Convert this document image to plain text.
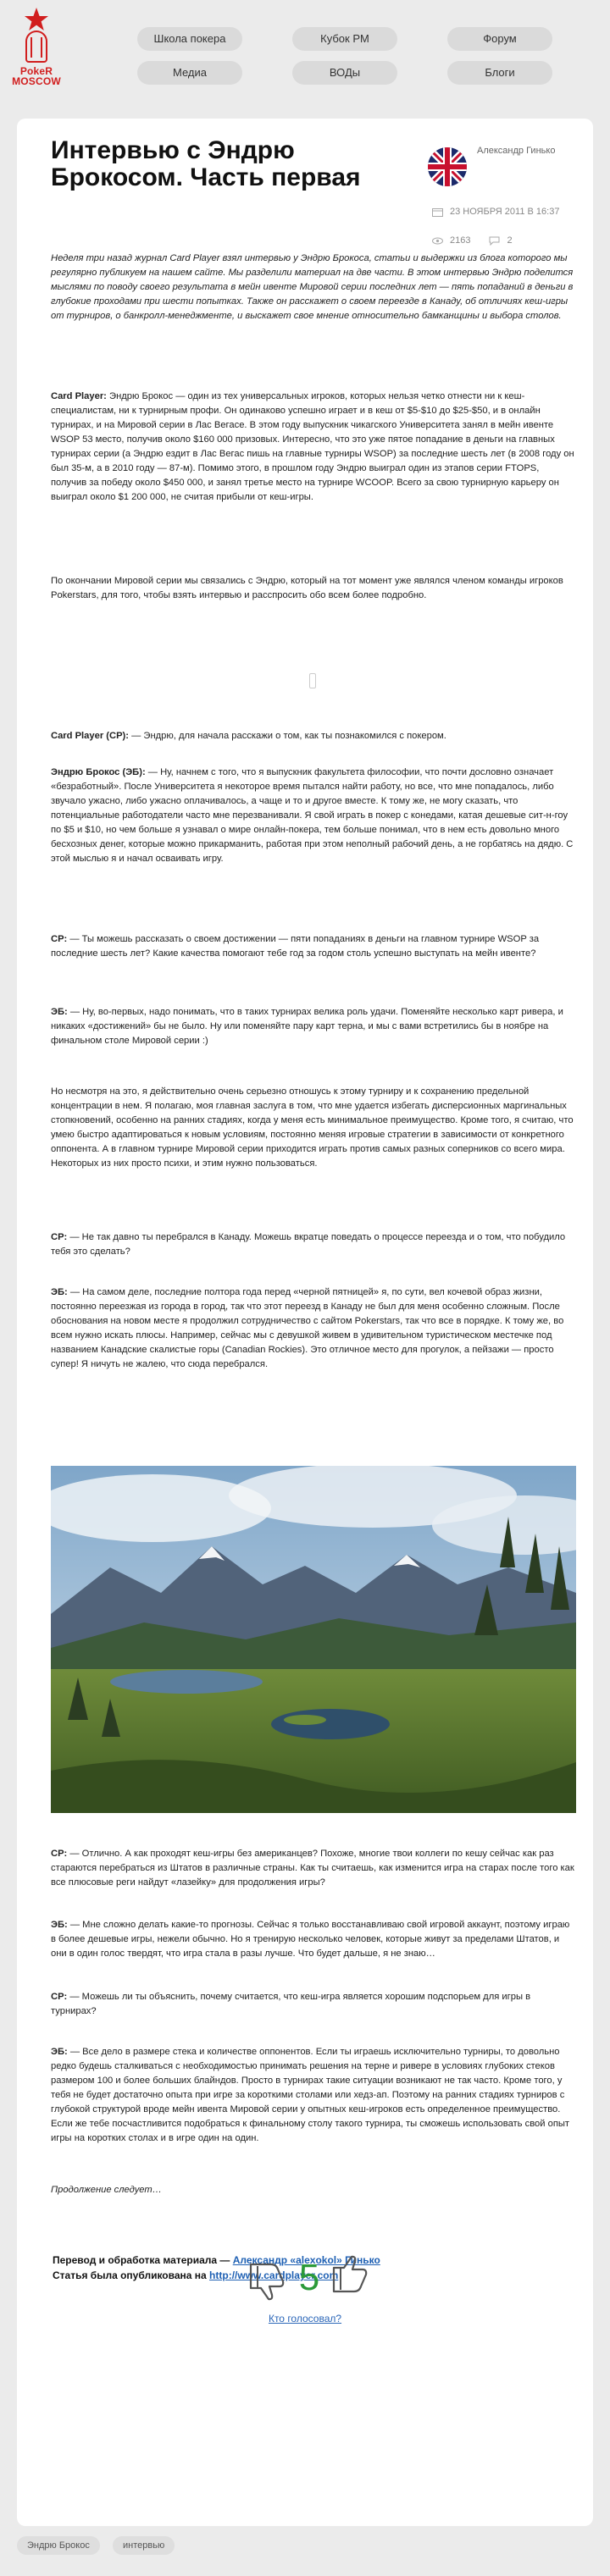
PokeR
MOSCOW
Школа покера	Кубок PM	Форум
Медиа	ВОДы	Блоги
Интервью с Эндрю Брокосом. Часть первая
Александр Гинько
23 НОЯБРЯ 2011 В 16:37
2163	2

Неделя три назад журнал Card Player взял интервью у Эндрю Брокоса, статьи и выдержки из блога которого мы регулярно публикуем на нашем сайте. Мы разделили материал на две части. В этом интервью Эндрю поделится мыслями по поводу своего результата в мейн ивенте Мировой серии последних лет — пять попаданий в деньги в глубокие проходами при шести попытках. Также он расскажет о своем переезде в Канаду, об отличиях кеш-игры от турниров, о банкролл-менеджменте, и выскажет свое мнение относительно бамканщины и выбора столов.

Card Player: Эндрю Брокос — один из тех универсальных игроков, которых нельзя четко отнести ни к кеш-специалистам, ни к турнирным профи. Он одинаково успешно играет и в кеш от $5-$10 до $25-$50, и в онлайн турнирах, и на Мировой серии в Лас Вегасе. В этом году выпускник чикагского Университета занял в мейн ивенте WSOP 53 место, получив около $160 000 призовых. Интересно, что это уже пятое попадание в деньги на главных турнирах серии (а Эндрю ездит в Лас Вегас пишь на главные турниры WSOP) за последние шесть лет (в 2008 году он был 35-м, а в 2010 году — 87-м). Помимо этого, в прошлом году Эндрю выиграл один из этапов серии FTOPS, получив за победу около $450 000, и занял третье место на турнире WCOOP. Всего за свою турнирную карьеру он выиграл около $1 200 000, не считая прибыли от кеш-игры.

По окончании Мировой серии мы связались с Эндрю, который на тот момент уже являлся членом команды игроков Pokerstars, для того, чтобы взять интервью и расспросить обо всем более подробно.

Card Player (CP): — Эндрю, для начала расскажи о том, как ты познакомился с покером.

Эндрю Брокос (ЭБ): — Ну, начнем с того, что я выпускник факультета философии, что почти дословно означает «безработный». После Университета я некоторое время пытался найти работу, но все, что мне попадалось, либо звучало ужасно, либо ужасно оплачивалось, а чаще и то и другое вместе. К тому же, не могу сказать, что потенциальные работодатели часто мне перезванивали. Я свой играть в покер с конедами, катая дешевые сит-н-гоу по $5 и $10, но чем больше я узнавал о мире онлайн-покера, тем больше понимал, что в нем есть довольно много бесхозных денег, которые можно прикарманить, работая при этом неполный рабочий день, а не горбатясь на дядю. С этой мыслью я и начал осваивать игру.

CP: — Ты можешь рассказать о своем достижении — пяти попаданиях в деньги на главном турнире WSOP за последние шесть лет? Какие качества помогают тебе год за годом столь успешно выступать на мейн ивенте?

ЭБ: — Ну, во-первых, надо понимать, что в таких турнирах велика роль удачи. Поменяйте несколько карт ривера, и никаких «достижений» бы не было. Ну или поменяйте пару карт терна, и мы с вами встретились бы в ноябре на финальном столе Мировой серии :)

Но несмотря на это, я действительно очень серьезно отношусь к этому турниру и к сохранению предельной концентрации в нем. Я полагаю, моя главная заслуга в том, что мне удается избегать дисперсионных маргинальных стопкновений, особенно на ранних стадиях, когда у меня есть минимальное преимущество. Кроме того, я считаю, что умею быстро адаптироваться к новым условиям, постоянно меняя игровые стратегии в зависимости от конкретного оппонента. А в главном турнире Мировой серии приходится играть против самых разных соперников со всего мира. Некоторых из них просто психи, и этим нужно пользоваться.

CP: — Не так давно ты перебрался в Канаду. Можешь вкратце поведать о процессе переезда и о том, что побудило тебя это сделать?

ЭБ: — На самом деле, последние полтора года перед «черной пятницей» я, по сути, вел кочевой образ жизни, постоянно переезжая из города в город, так что этот переезд в Канаду не был для меня особенно сложным. После обоснования на новом месте я продолжил сотрудничество с сайтом Pokerstars, так что все в порядке. К тому же, во всем нужно искать плюсы. Например, сейчас мы с девушкой живем в удивительном туристическом местечке под названием Канадские скалистые горы (Canadian Rockies). Это отличное место для прогулок, а пейзажи — просто супер! Я ничуть не жалею, что сюда перебрался.

CP: — Отлично. А как проходят кеш-игры без американцев? Похоже, многие твои коллеги по кешу сейчас как раз стараются перебраться из Штатов в различные страны. Как ты считаешь, как изменится игра на старах после того как все плюсовые реги найдут «лазейку» для продолжения игры?

ЭБ: — Мне сложно делать какие-то прогнозы. Сейчас я только восстанавливаю свой игровой аккаунт, поэтому играю в более дешевые игры, нежели обычно. Но я тренирую несколько человек, которые живут за пределами Штатов, и они в один голос твердят, что игра стала в разы лучше. Что будет дальше, я не знаю…

CP: — Можешь ли ты объяснить, почему считается, что кеш-игра является хорошим подспорьем для игры в турнирах?

ЭБ: — Все дело в размере стека и количестве оппонентов. Если ты играешь исключительно турниры, то довольно редко будешь сталкиваться с необходимостью принимать решения на терне и ривере в условиях глубоких стеков размером 100 и более больших блайндов. Просто в турнирах такие ситуации возникают не так часто. Кроме того, у тебя не будет достаточно опыта при игре за короткими столами или хедз-ап. Поэтому на ранних стадиях турниров с глубокой структурой вроде мейн ивента Мировой серии у опытных кеш-игроков есть определенное преимущество. Если же тебе посчастливится подобраться к финальному столу такого турнира, ты сможешь использовать свой опыт игры на коротких столах и в игре один на один.

Продолжение следует…

Перевод и обработка материала — Александр «alexokol» Гинько
Статья была опубликована на http://www.cardplayer.com
5
Кто голосовал?
Эндрю Брокос	интервью
